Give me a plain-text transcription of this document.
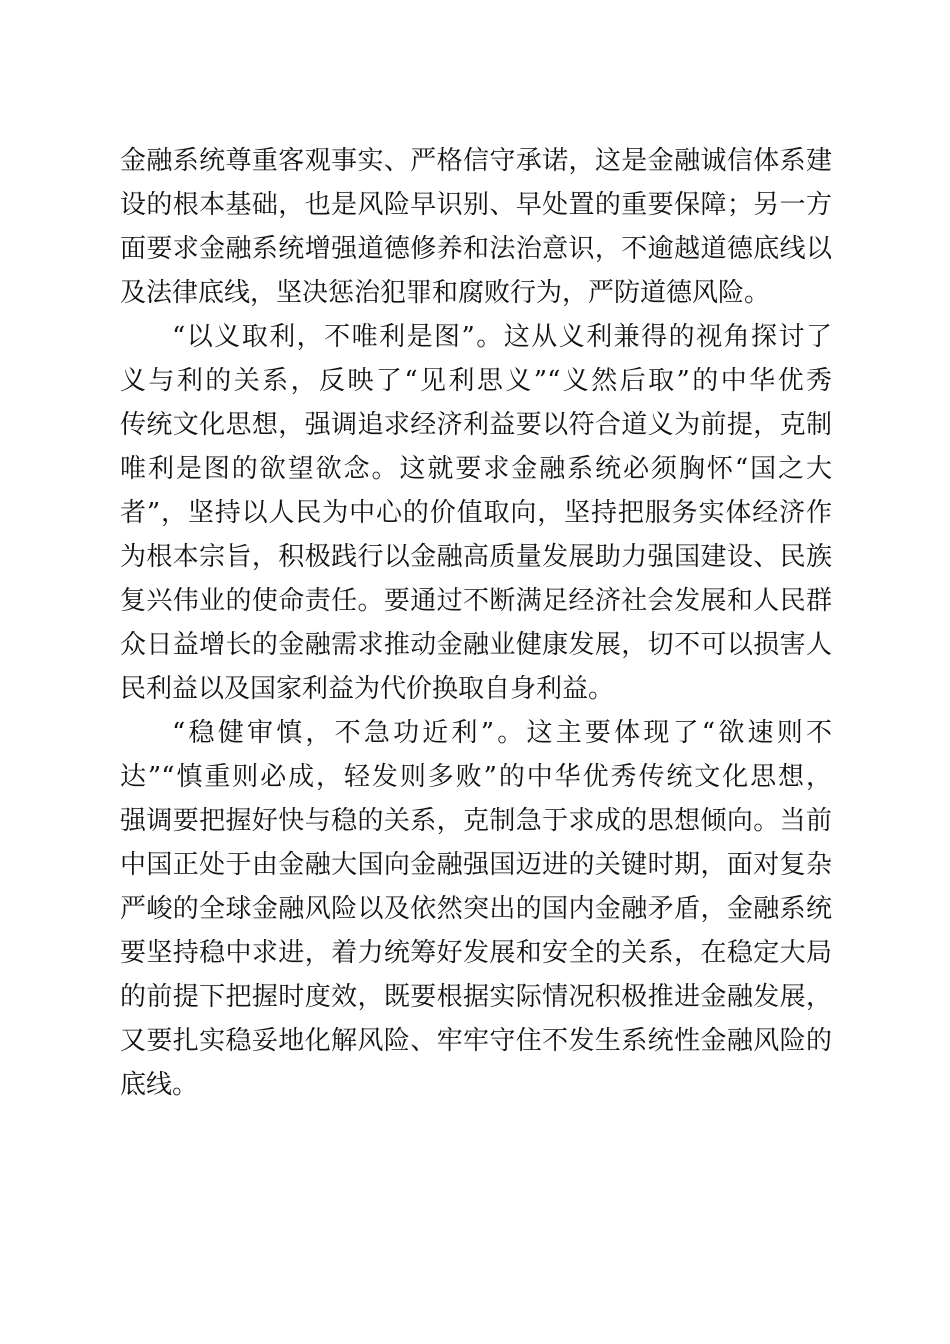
金融系统尊重客观事实、严格信守承诺，这是金融诚信体系建
设的根本基础，也是风险早识别、早处置的重要保障；另一方
面要求金融系统增强道德修养和法治意识，不逾越道德底线以
及法律底线，坚决惩治犯罪和腐败行为，严防道德风险。
“以义取利，不唯利是图”。这从义利兼得的视角探讨了
义与利的关系，反映了“见利思义”“义然后取”的中华优秀
传统文化思想，强调追求经济利益要以符合道义为前提，克制
唯利是图的欲望欲念。这就要求金融系统必须胸怀“国之大
者”，坚持以人民为中心的价值取向，坚持把服务实体经济作
为根本宗旨，积极践行以金融高质量发展助力强国建设、民族
复兴伟业的使命责任。要通过不断满足经济社会发展和人民群
众日益增长的金融需求推动金融业健康发展，切不可以损害人
民利益以及国家利益为代价换取自身利益。
“稳健审慎，不急功近利”。这主要体现了“欲速则不
达”“慎重则必成，轻发则多败”的中华优秀传统文化思想，
强调要把握好快与稳的关系，克制急于求成的思想倾向。当前
中国正处于由金融大国向金融强国迈进的关键时期，面对复杂
严峻的全球金融风险以及依然突出的国内金融矛盾，金融系统
要坚持稳中求进，着力统筹好发展和安全的关系，在稳定大局
的前提下把握时度效，既要根据实际情况积极推进金融发展，
又要扎实稳妥地化解风险、牢牢守住不发生系统性金融风险的
底线。
